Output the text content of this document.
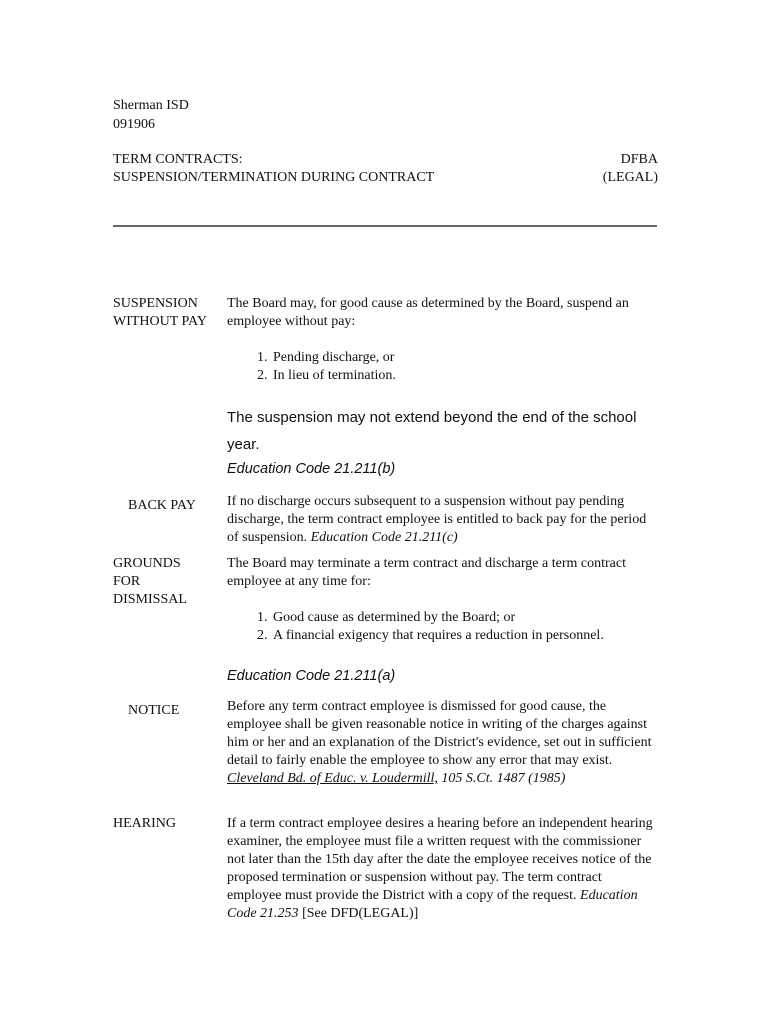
Sherman ISD
091906
TERM CONTRACTS:
SUSPENSION/TERMINATION DURING CONTRACT
DFBA
(LEGAL)
SUSPENSION
WITHOUT PAY
The Board may, for good cause as determined by the Board, suspend an employee without pay:
1. Pending discharge, or
2. In lieu of termination.
The suspension may not extend beyond the end of the school year.
Education Code 21.211(b)
BACK PAY If no discharge occurs subsequent to a suspension without pay pending discharge, the term contract employee is entitled to back pay for the period of suspension. Education Code 21.211(c)
GROUNDS
FOR
DISMISSAL
The Board may terminate a term contract and discharge a term contract employee at any time for:
1. Good cause as determined by the Board; or
2. A financial exigency that requires a reduction in personnel.
Education Code 21.211(a)
NOTICE	Before any term contract employee is dismissed for good cause, the employee shall be given reasonable notice in writing of the charges against him or her and an explanation of the District's evidence, set out in sufficient detail to fairly enable the employee to show any error that may exist. Cleveland Bd. of Educ. v. Loudermill, 105 S.Ct. 1487 (1985)
HEARING	If a term contract employee desires a hearing before an independent hearing examiner, the employee must file a written request with the commissioner not later than the 15th day after the date the employee receives notice of the proposed termination or suspension without pay. The term contract employee must provide the District with a copy of the request. Education Code 21.253 [See DFD(LEGAL)]
